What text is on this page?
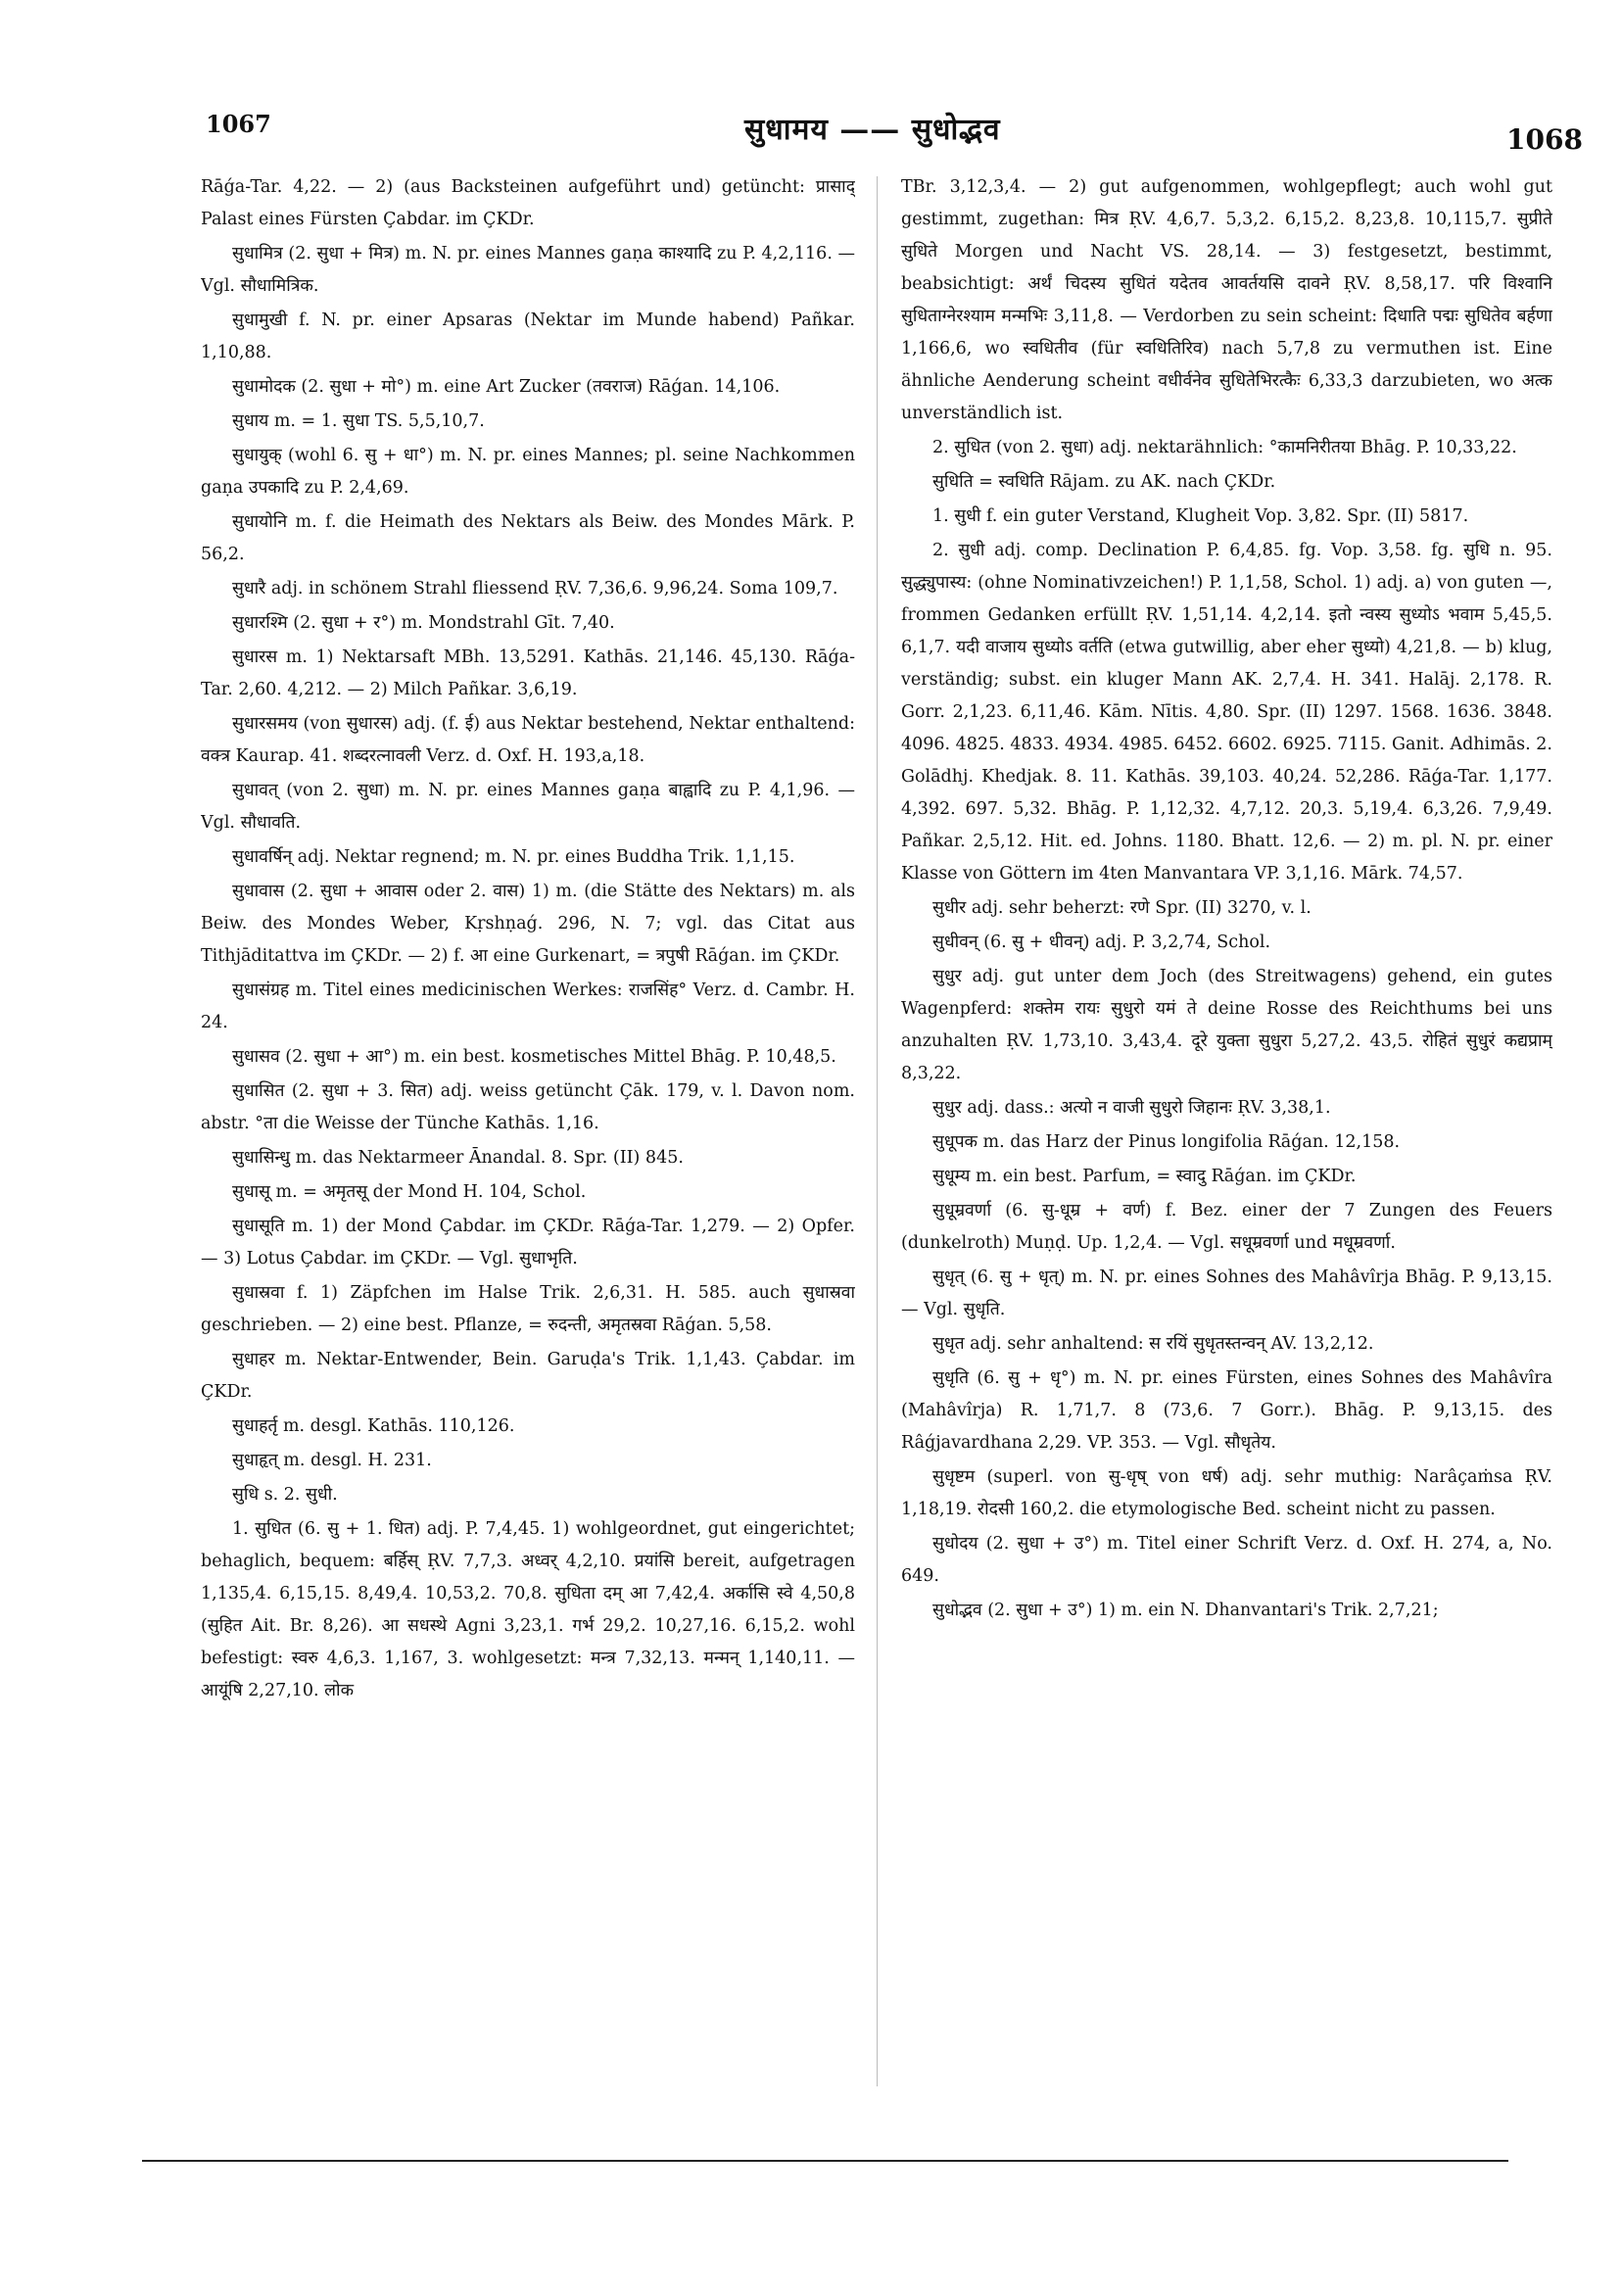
1067	सुधामय —— सुधोद्भव	1068

Rāǵa-Tar. 4,22. — 2) (aus Backsteinen aufgeführt und) getüncht: प्रासाद् Palast eines Fürsten Çabdar. im ÇKDr.

सुधामित्र (2. सुधा + मित्र) m. N. pr. eines Mannes gaṇa काश्यादि zu P. 4,2,116. — Vgl. सौधामित्रिक.

सुधामुखी f. N. pr. einer Apsaras (Nektar im Munde habend) Pañkar. 1,10,88.

सुधामोदक (2. सुधा + मो°) m. eine Art Zucker (तवराज) Rāǵan. 14,106.

सुधाय m. = 1. सुधा TS. 5,5,10,7.

सुधायुक् (wohl 6. सु + धा°) m. N. pr. eines Mannes; pl. seine Nachkommen gaṇa उपकादि zu P. 2,4,69.

सुधायोनि m. f. die Heimath des Nektars als Beiw. des Mondes Mārk. P. 56,2.

सुधारै adj. in schönem Strahl fliessend ṚV. 7,36,6. 9,96,24. Soma 109,7.

सुधारश्मि (2. सुधा + र°) m. Mondstrahl Gīt. 7,40.

सुधारस m. 1) Nektarsaft MBh. 13,5291. Kathās. 21,146. 45,130. Rāǵa-Tar. 2,60. 4,212. — 2) Milch Pañkar. 3,6,19.

सुधारसमय (von सुधारस) adj. (f. ई) aus Nektar bestehend, Nektar enthaltend: वक्त्र Kaurap. 41. शब्दरत्नावली Verz. d. Oxf. H. 193,a,18.

सुधावत् (von 2. सुधा) m. N. pr. eines Mannes gaṇa बाह्वादि zu P. 4,1,96. — Vgl. सौधावति.

सुधावर्षिन् adj. Nektar regnend; m. N. pr. eines Buddha Trik. 1,1,15.

सुधावास (2. सुधा + आवास oder 2. वास) 1) m. (die Stätte des Nektars) m. als Beiw. des Mondes Weber, Kṛshṇaǵ. 296, N. 7; vgl. das Citat aus Tithjāditattva im ÇKDr. — 2) f. आ eine Gurkenart, = त्रपुषी Rāǵan. im ÇKDr.

सुधासंग्रह m. Titel eines medicinischen Werkes: राजसिंह° Verz. d. Cambr. H. 24.

सुधासव (2. सुधा + आ°) m. ein best. kosmetisches Mittel Bhāg. P. 10,48,5.

सुधासित (2. सुधा + 3. सित) adj. weiss getüncht Çāk. 179, v. l. Davon nom. abstr. °ता die Weisse der Tünche Kathās. 1,16.

सुधासिन्धु m. das Nektarmeer Ānandal. 8. Spr. (II) 845.

सुधासू m. = अमृतसू der Mond H. 104, Schol.

सुधासूति m. 1) der Mond Çabdar. im ÇKDr. Rāǵa-Tar. 1,279. — 2) Opfer. — 3) Lotus Çabdar. im ÇKDr. — Vgl. सुधाभृति.

सुधास्रवा f. 1) Zäpfchen im Halse Trik. 2,6,31. H. 585. auch सुधास्रवा geschrieben. — 2) eine best. Pflanze, = रुदन्ती, अमृतस्रवा Rāǵan. 5,58.

सुधाहर m. Nektar-Entwender, Bein. Garuḍa's Trik. 1,1,43. Çabdar. im ÇKDr.

सुधाहर्तृ m. desgl. Kathās. 110,126.

सुधाहृत् m. desgl. H. 231.

सुधि s. 2. सुधी.

1. सुधित (6. सु + 1. धित) adj. P. 7,4,45. 1) wohlgeordnet, gut eingerichtet; behaglich, bequem: बर्हिस् ṚV. 7,7,3. अध्वर् 4,2,10. प्रयांसि bereit, aufgetragen 1,135,4. 6,15,15. 8,49,4. 10,53,2. 70,8. सुधिता दम् आ 7,42,4. अर्कासि स्वे 4,50,8 (सुहित Ait. Br. 8,26). आ सधस्थे Agni 3,23,1. गर्भ 29,2. 10,27,16. 6,15,2. wohl befestigt: स्वरु 4,6,3. 1,167, 3. wohlgesetzt: मन्त्र 7,32,13. मन्मन् 1,140,11. — आयूंषि 2,27,10. लोक

TBr. 3,12,3,4. — 2) gut aufgenommen, wohlgepflegt; auch wohl gut gestimmt, zugethan: मित्र ṚV. 4,6,7. 5,3,2. 6,15,2. 8,23,8. 10,115,7. सुप्रीते सुधिते Morgen und Nacht VS. 28,14. — 3) festgesetzt, bestimmt, beabsichtigt: अर्थं चिदस्य सुधितं यदेतव आवर्तयसि दावने ṚV. 8,58,17. परि विश्वानि सुधिताग्नेरश्याम मन्मभिः 3,11,8. — Verdorben zu sein scheint: दिधाति पद्मः सुधितेव बर्हणा 1,166,6, wo स्वधितीव (für स्वधितिरिव) nach 5,7,8 zu vermuthen ist. Eine ähnliche Aenderung scheint वधीर्वनेव सुधितेभिरत्कैः 6,33,3 darzubieten, wo अत्क unverständlich ist.

2. सुधित (von 2. सुधा) adj. nektarähnlich: °कामनिरीतया Bhāg. P. 10,33,22.

सुधिति = स्वधिति Rājam. zu AK. nach ÇKDr.

1. सुधी f. ein guter Verstand, Klugheit Vop. 3,82. Spr. (II) 5817.

2. सुधी adj. comp. Declination P. 6,4,85. fg. Vop. 3,58. fg. सुधि n. 95. सुद्ध्युपास्य: (ohne Nominativzeichen!) P. 1,1,58, Schol. 1) adj. a) von guten —, frommen Gedanken erfüllt ṚV. 1,51,14. 4,2,14. इतो न्वस्य सुध्योऽ भवाम 5,45,5. 6,1,7. यदी वाजाय सुध्योऽ वर्तति (etwa gutwillig, aber eher सुध्यो) 4,21,8. — b) klug, verständig; subst. ein kluger Mann AK. 2,7,4. H. 341. Halāj. 2,178. R. Gorr. 2,1,23. 6,11,46. Kām. Nītis. 4,80. Spr. (II) 1297. 1568. 1636. 3848. 4096. 4825. 4833. 4934. 4985. 6452. 6602. 6925. 7115. Ganit. Adhimās. 2. Golādhj. Khedjak. 8. 11. Kathās. 39,103. 40,24. 52,286. Rāǵa-Tar. 1,177. 4,392. 697. 5,32. Bhāg. P. 1,12,32. 4,7,12. 20,3. 5,19,4. 6,3,26. 7,9,49. Pañkar. 2,5,12. Hit. ed. Johns. 1180. Bhatt. 12,6. — 2) m. pl. N. pr. einer Klasse von Göttern im 4ten Manvantara VP. 3,1,16. Mārk. 74,57.

सुधीर adj. sehr beherzt: रणे Spr. (II) 3270, v. l.

सुधीवन् (6. सु + धीवन्) adj. P. 3,2,74, Schol.

सुधुर adj. gut unter dem Joch (des Streitwagens) gehend, ein gutes Wagenpferd: शक्तेम रायः सुधुरो यमं ते deine Rosse des Reichthums bei uns anzuhalten ṚV. 1,73,10. 3,43,4. दूरे युक्ता सुधुरा 5,27,2. 43,5. रोहितं सुधुरं कद्यप्राम् 8,3,22.

सुधुर adj. dass.: अत्यो न वाजी सुधुरो जिहानः ṚV. 3,38,1.

सुधूपक m. das Harz der Pinus longifolia Rāǵan. 12,158.

सुधूम्य m. ein best. Parfum, = स्वादु Rāǵan. im ÇKDr.

सुधूम्रवर्णा (6. सु-धूम्र + वर्ण) f. Bez. einer der 7 Zungen des Feuers (dunkelroth) Muṇḍ. Up. 1,2,4. — Vgl. सधूम्रवर्णा und मधूम्रवर्णा.

सुधृत् (6. सु + धृत्) m. N. pr. eines Sohnes des Mahâvîrja Bhāg. P. 9,13,15. — Vgl. सुधृति.

सुधृत adj. sehr anhaltend: स रयिं सुधृतस्तन्वन् AV. 13,2,12.

सुधृति (6. सु + धृ°) m. N. pr. eines Fürsten, eines Sohnes des Mahâvîra (Mahâvîrja) R. 1,71,7. 8 (73,6. 7 Gorr.). Bhāg. P. 9,13,15. des Râǵjavardhana 2,29. VP. 353. — Vgl. सौधृतेय.

सुधृष्टम (superl. von सु-धृष् von धर्ष) adj. sehr muthig: Narâçaṁsa ṚV. 1,18,19. रोदसी 160,2. die etymologische Bed. scheint nicht zu passen.

सुधोदय (2. सुधा + उ°) m. Titel einer Schrift Verz. d. Oxf. H. 274, a, No. 649.

सुधोद्भव (2. सुधा + उ°) 1) m. ein N. Dhanvantari's Trik. 2,7,21;
